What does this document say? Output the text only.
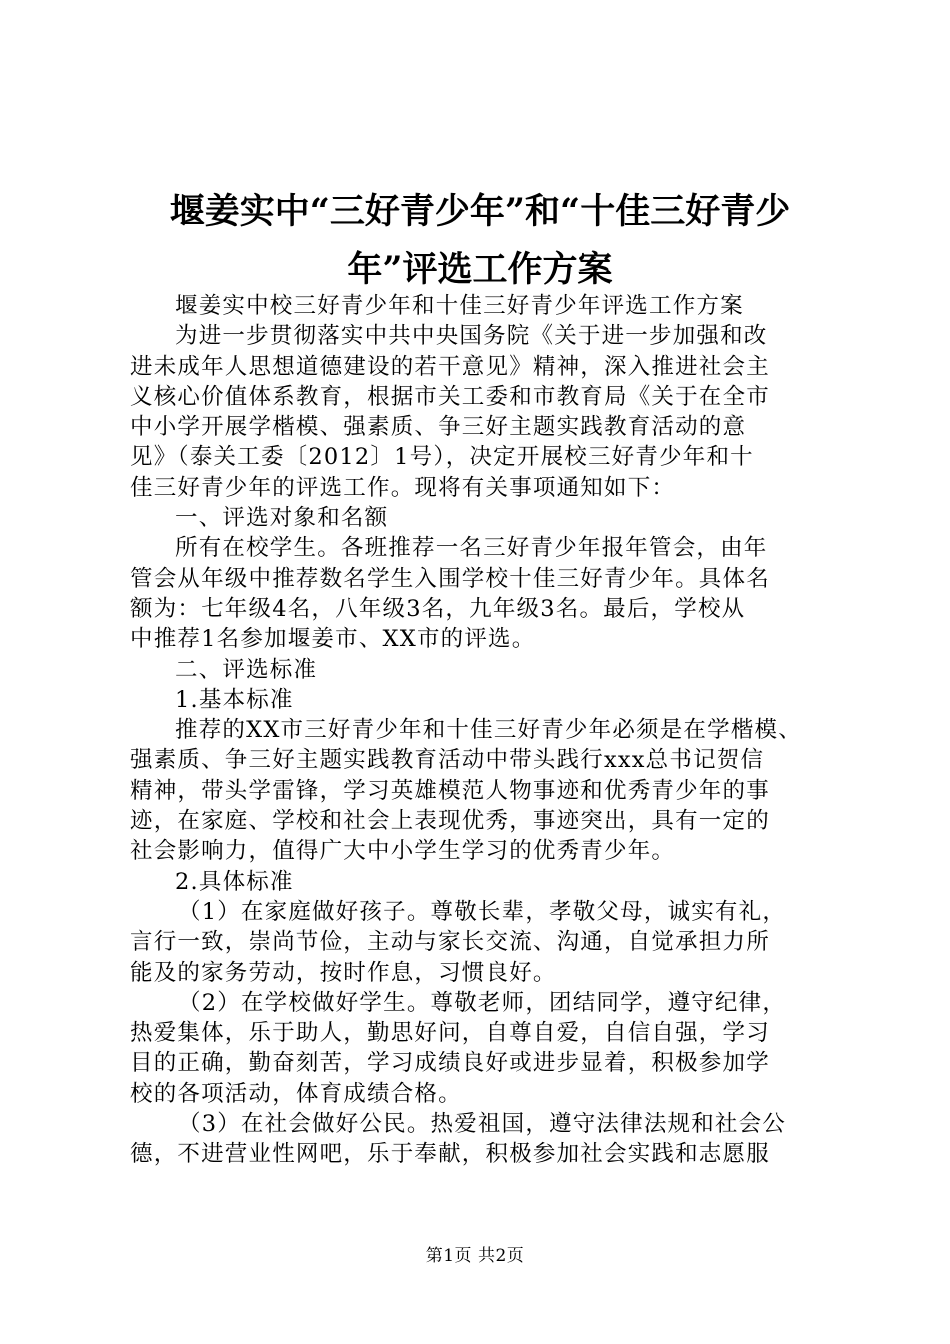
堰姜实中“三好青少年”和“十佳三好青少
年”评选工作方案
堰姜实中校三好青少年和十佳三好青少年评选工作方案
为进一步贯彻落实中共中央国务院《关于进一步加强和改
进未成年人思想道德建设的若干意见》精神，深入推进社会主
义核心价值体系教育，根据市关工委和市教育局《关于在全市
中小学开展学楷模、强素质、争三好主题实践教育活动的意
见》（泰关工委〔2012〕1号），决定开展校三好青少年和十
佳三好青少年的评选工作。现将有关事项通知如下：
一、评选对象和名额
所有在校学生。各班推荐一名三好青少年报年管会，由年
管会从年级中推荐数名学生入围学校十佳三好青少年。具体名
额为：七年级4名，八年级3名，九年级3名。最后，学校从
中推荐1名参加堰姜市、XX市的评选。
二、评选标准
1.基本标准
推荐的XX市三好青少年和十佳三好青少年必须是在学楷模、
强素质、争三好主题实践教育活动中带头践行xxx总书记贺信
精神，带头学雷锋，学习英雄模范人物事迹和优秀青少年的事
迹，在家庭、学校和社会上表现优秀，事迹突出，具有一定的
社会影响力，值得广大中小学生学习的优秀青少年。
2.具体标准
（1）在家庭做好孩子。尊敬长辈，孝敬父母，诚实有礼，
言行一致，崇尚节俭，主动与家长交流、沟通，自觉承担力所
能及的家务劳动，按时作息，习惯良好。
（2）在学校做好学生。尊敬老师，团结同学，遵守纪律，
热爱集体，乐于助人，勤思好问，自尊自爱，自信自强，学习
目的正确，勤奋刻苦，学习成绩良好或进步显着，积极参加学
校的各项活动，体育成绩合格。
（3）在社会做好公民。热爱祖国，遵守法律法规和社会公
德，不进营业性网吧，乐于奉献，积极参加社会实践和志愿服
第1页 共2页
